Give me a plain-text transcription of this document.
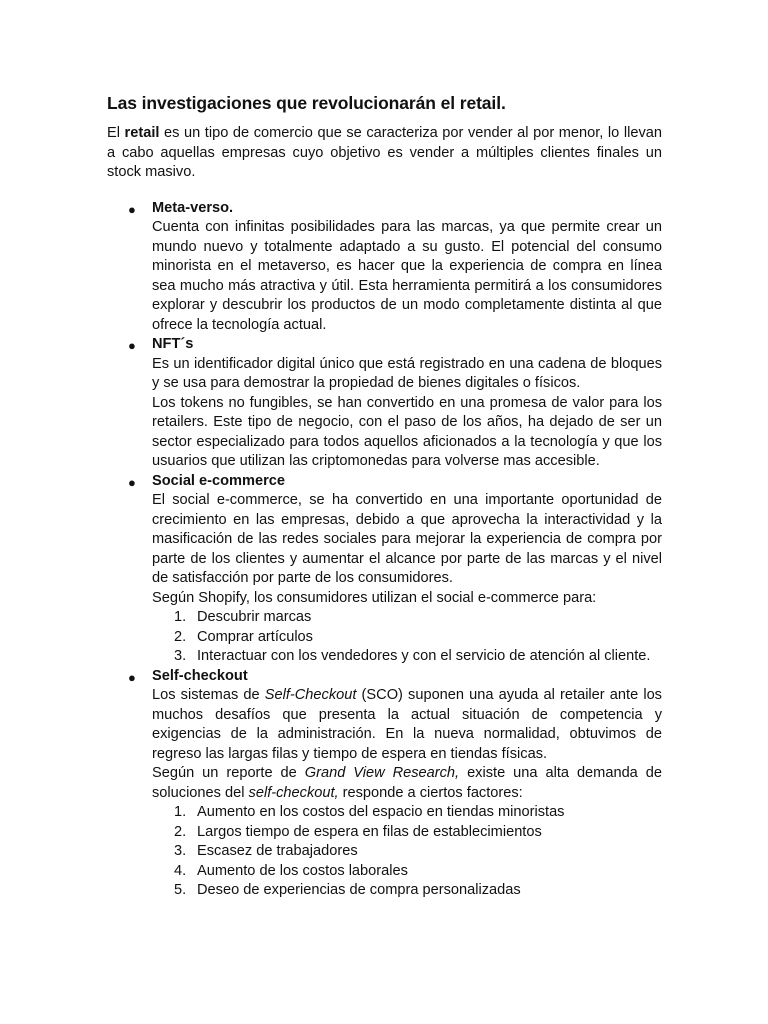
Las investigaciones que revolucionarán el retail.

El retail es un tipo de comercio que se caracteriza por vender al por menor, lo llevan a cabo aquellas empresas cuyo objetivo es vender a múltiples clientes finales un stock masivo.

● Meta-verso.
Cuenta con infinitas posibilidades para las marcas, ya que permite crear un mundo nuevo y totalmente adaptado a su gusto. El potencial del consumo minorista en el metaverso, es hacer que la experiencia de compra en línea sea mucho más atractiva y útil. Esta herramienta permitirá a los consumidores explorar y descubrir los productos de un modo completamente distinta al que ofrece la tecnología actual.
● NFT´s
Es un identificador digital único que está registrado en una cadena de bloques y se usa para demostrar la propiedad de bienes digitales o físicos.
Los tokens no fungibles, se han convertido en una promesa de valor para los retailers. Este tipo de negocio, con el paso de los años, ha dejado de ser un sector especializado para todos aquellos aficionados a la tecnología y que los usuarios que utilizan las criptomonedas para volverse mas accesible.
● Social e-commerce
El social e-commerce, se ha convertido en una importante oportunidad de crecimiento en las empresas, debido a que aprovecha la interactividad y la masificación de las redes sociales para mejorar la experiencia de compra por parte de los clientes y aumentar el alcance por parte de las marcas y el nivel de satisfacción por parte de los consumidores.
Según Shopify, los consumidores utilizan el social e-commerce para:
1. Descubrir marcas
2. Comprar artículos
3. Interactuar con los vendedores y con el servicio de atención al cliente.
● Self-checkout
Los sistemas de Self-Checkout (SCO) suponen una ayuda al retailer ante los muchos desafíos que presenta la actual situación de competencia y exigencias de la administración. En la nueva normalidad, obtuvimos de regreso las largas filas y tiempo de espera en tiendas físicas.
Según un reporte de Grand View Research, existe una alta demanda de soluciones del self-checkout, responde a ciertos factores:
1. Aumento en los costos del espacio en tiendas minoristas
2. Largos tiempo de espera en filas de establecimientos
3. Escasez de trabajadores
4. Aumento de los costos laborales
5. Deseo de experiencias de compra personalizadas
